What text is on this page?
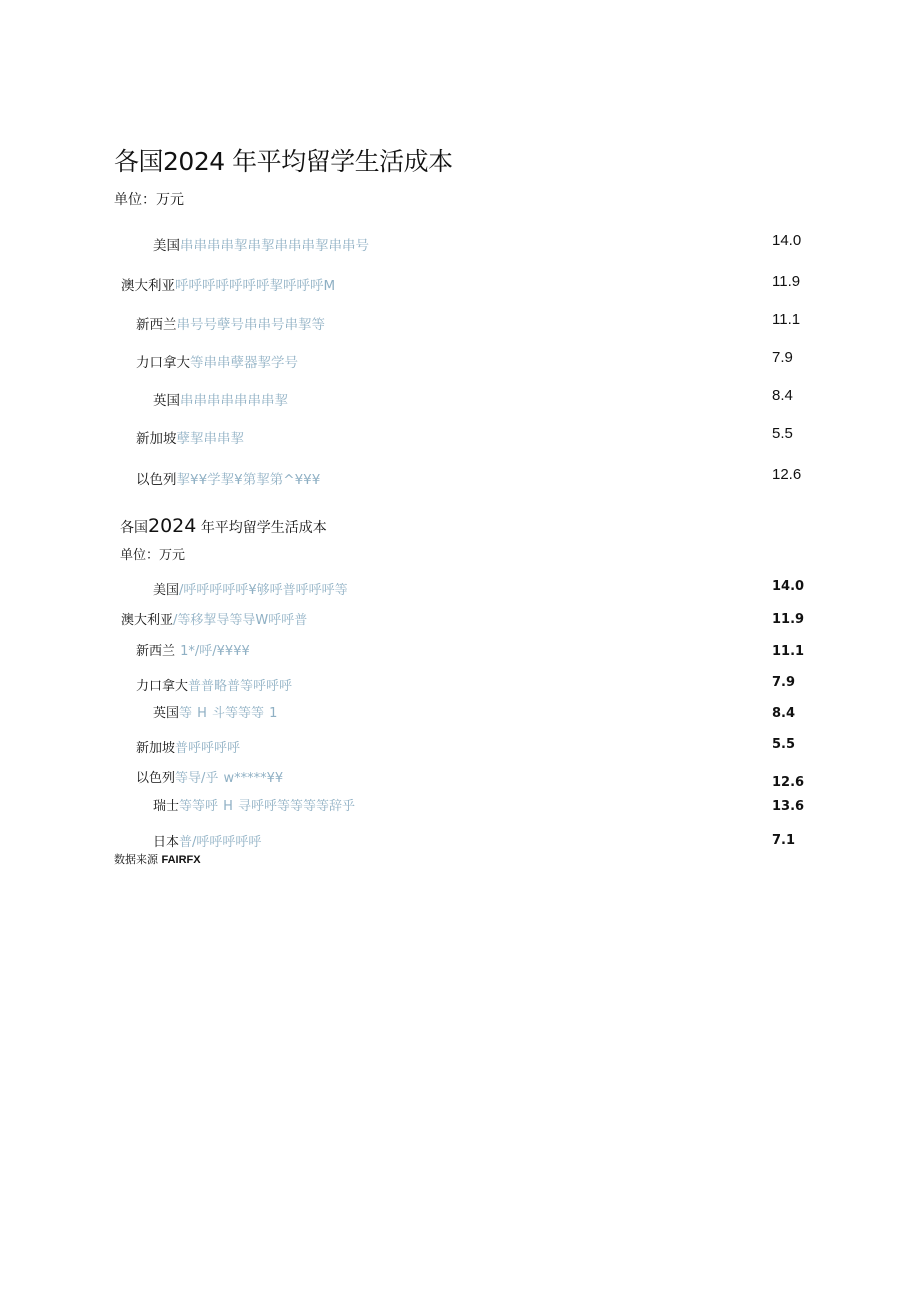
各国2024 年平均留学生活成本
单位：万元
美国串串串串挈串挈串串串挈串串号	14.0
澳大利亚呼呼呼呼呼呼呼挈呼呼呼M	11.9
新西兰串号号孽号串串号串挈等	11.1
力口拿大等串串孽器挈学号	7.9
英国串串串串串串串挈	8.4
新加坡孽挈串串挈	5.5
以色列挈¥¥学挈¥第挈第^¥¥¥	12.6
各国2024 年平均留学生活成本
单位：万元
美国/呼呼呼呼呼¥够呼普呼呼呼等	14.0
澳大利亚/等移挈导等导W呼呼普	11.9
新西兰 1*/呼/¥¥¥¥	11.1
力口拿大普普略普等呼呼呼	7.9
英国等 H 斗等等等 1	8.4
新加坡普呼呼呼呼	5.5
以色列等导/乎 w*****¥¥	12.6
瑞士等等呼 H 寻呼呼等等等等辞乎	13.6
日本普/呼呼呼呼呼	7.1
数据来源 FAIRFX
